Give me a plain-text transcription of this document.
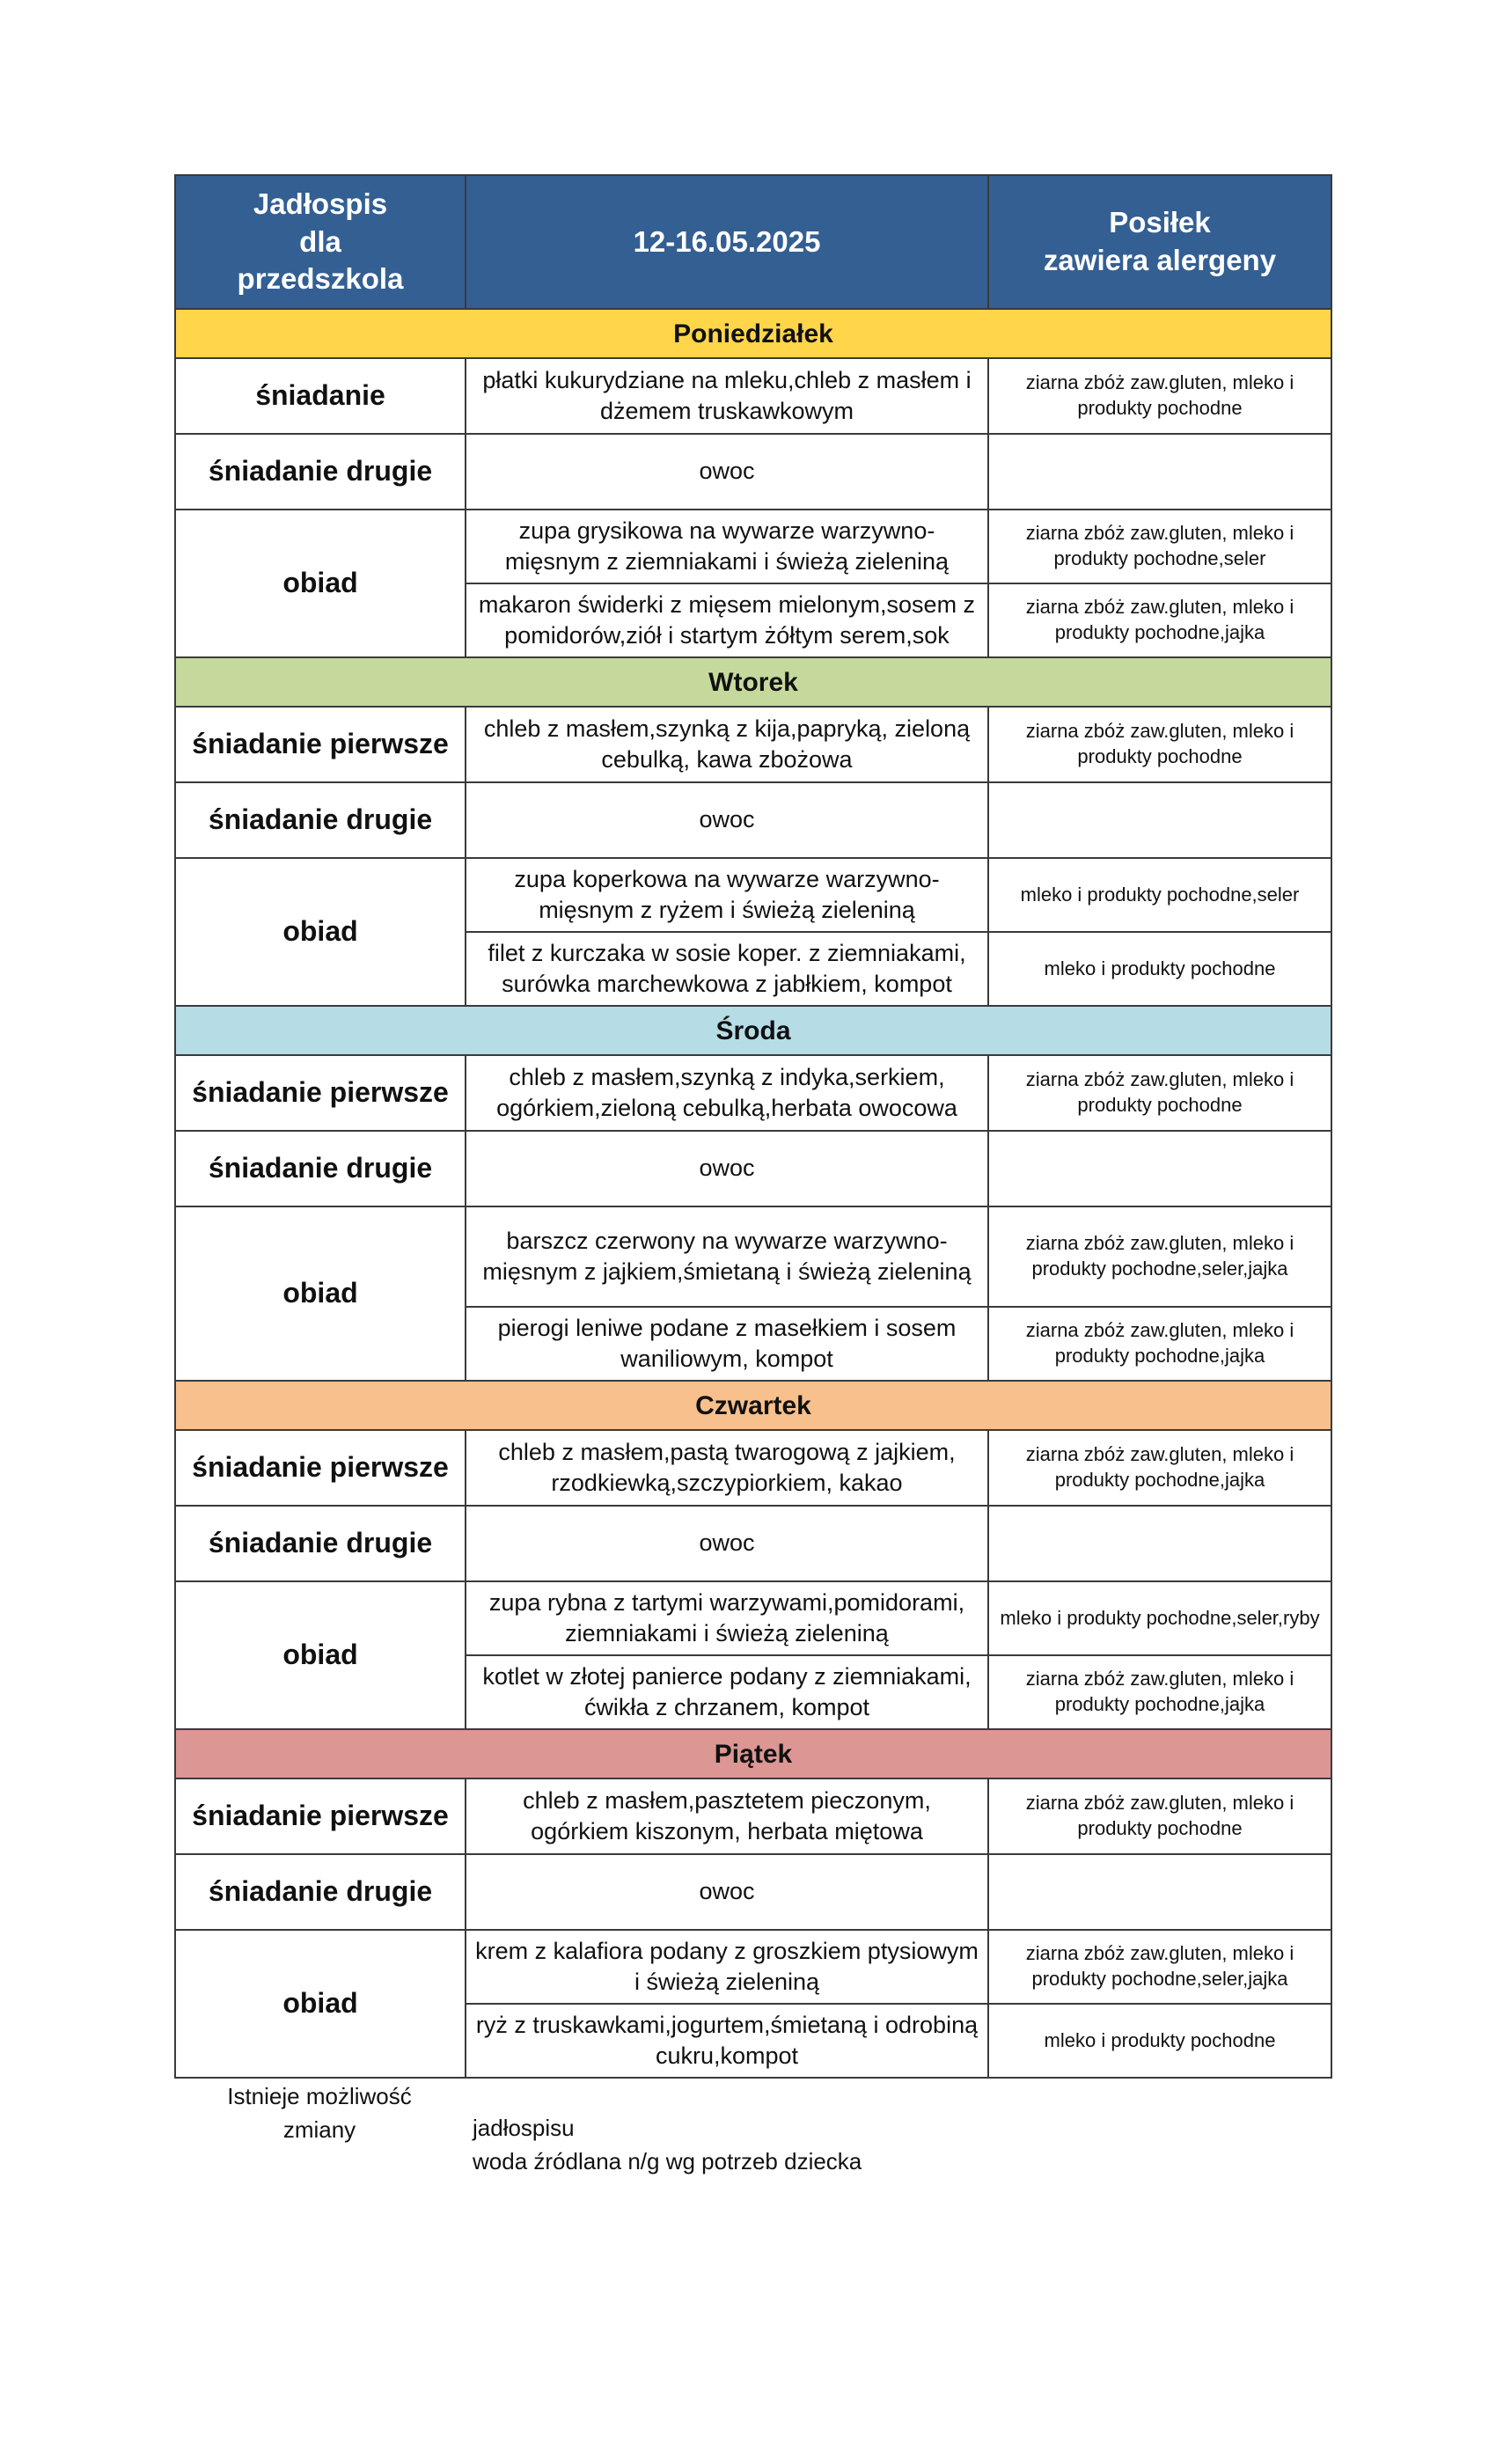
Jadłospis
dla
przedszkola	12-16.05.2025	Posiłek
zawiera alergeny
Poniedziałek		
śniadanie	płatki kukurydziane na mleku,chleb z masłem i dżemem truskawkowym	ziarna zbóż zaw.gluten, mleko i produkty pochodne
śniadanie drugie	owoc	
obiad	zupa grysikowa na wywarze warzywno-mięsnym z ziemniakami i świeżą zieleniną	ziarna zbóż zaw.gluten, mleko i produkty pochodne,seler
	makaron świderki z mięsem mielonym,sosem z pomidorów,ziół i startym żółtym serem,sok	ziarna zbóż zaw.gluten, mleko i produkty pochodne,jajka
Wtorek		
śniadanie pierwsze	chleb z masłem,szynką z kija,papryką, zieloną cebulką, kawa zbożowa	ziarna zbóż zaw.gluten, mleko i produkty pochodne
śniadanie drugie	owoc	
obiad	zupa koperkowa na wywarze warzywno-mięsnym z ryżem i świeżą zieleniną	mleko i produkty pochodne,seler
	filet z kurczaka w sosie koper. z ziemniakami, surówka marchewkowa z jabłkiem, kompot	mleko i produkty pochodne
Środa		
śniadanie pierwsze	chleb z masłem,szynką z indyka,serkiem, ogórkiem,zieloną cebulką,herbata owocowa	ziarna zbóż zaw.gluten, mleko i produkty pochodne
śniadanie drugie	owoc	
obiad	barszcz czerwony na wywarze warzywno-mięsnym z jajkiem,śmietaną i świeżą zieleniną	ziarna zbóż zaw.gluten, mleko i produkty pochodne,seler,jajka
	pierogi leniwe podane z masełkiem i sosem waniliowym, kompot	ziarna zbóż zaw.gluten, mleko i produkty pochodne,jajka
Czwartek		
śniadanie pierwsze	chleb z masłem,pastą twarogową z jajkiem, rzodkiewką,szczypiorkiem, kakao	ziarna zbóż zaw.gluten, mleko i produkty pochodne,jajka
śniadanie drugie	owoc	
obiad	zupa rybna z tartymi warzywami,pomidorami, ziemniakami i świeżą zieleniną	mleko i produkty pochodne,seler,ryby
	kotlet w złotej panierce podany z ziemniakami, ćwikła z chrzanem, kompot	ziarna zbóż zaw.gluten, mleko i produkty pochodne,jajka
Piątek		
śniadanie pierwsze	chleb z masłem,pasztetem pieczonym, ogórkiem kiszonym, herbata miętowa	ziarna zbóż zaw.gluten, mleko i produkty pochodne
śniadanie drugie	owoc	
obiad	krem z kalafiora podany z groszkiem ptysiowym i świeżą zieleniną	ziarna zbóż zaw.gluten, mleko i produkty pochodne,seler,jajka
	ryż z truskawkami,jogurtem,śmietaną i odrobiną cukru,kompot	mleko i produkty pochodne
Istnieje możliwość
zmiany	jadłospisu
woda źródlana n/g wg potrzeb dziecka
